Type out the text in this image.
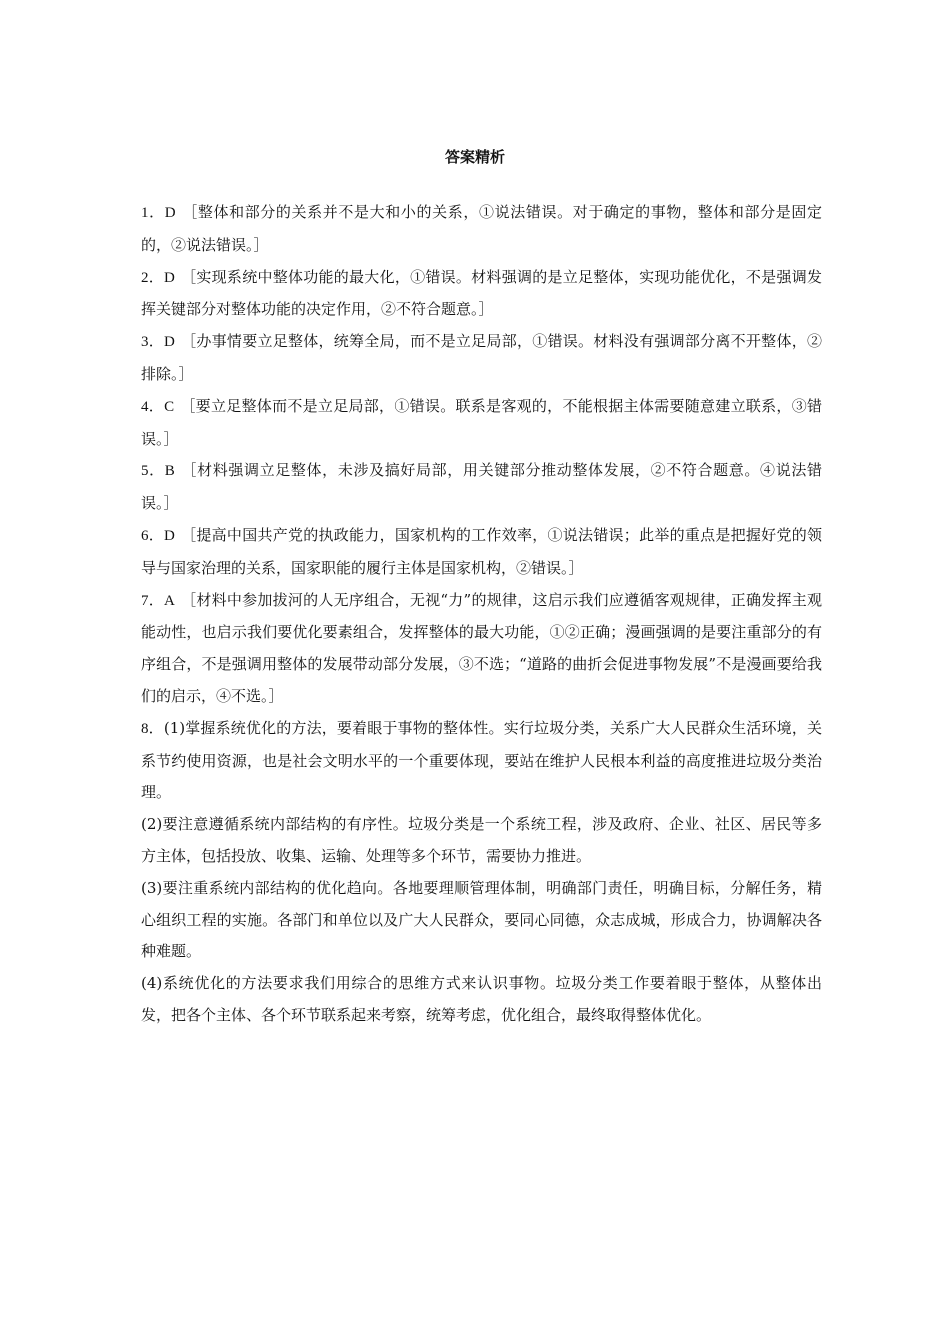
答案精析

1．D ［整体和部分的关系并不是大和小的关系，①说法错误。对于确定的事物，整体和部分是固定的，②说法错误。］

2．D ［实现系统中整体功能的最大化，①错误。材料强调的是立足整体，实现功能优化，不是强调发挥关键部分对整体功能的决定作用，②不符合题意。］

3．D ［办事情要立足整体，统筹全局，而不是立足局部，①错误。材料没有强调部分离不开整体，②排除。］

4．C ［要立足整体而不是立足局部，①错误。联系是客观的，不能根据主体需要随意建立联系，③错误。］

5．B ［材料强调立足整体，未涉及搞好局部，用关键部分推动整体发展，②不符合题意。④说法错误。］

6．D ［提高中国共产党的执政能力，国家机构的工作效率，①说法错误；此举的重点是把握好党的领导与国家治理的关系，国家职能的履行主体是国家机构，②错误。］

7．A ［材料中参加拔河的人无序组合，无视“力”的规律，这启示我们应遵循客观规律，正确发挥主观能动性，也启示我们要优化要素组合，发挥整体的最大功能，①②正确；漫画强调的是要注重部分的有序组合，不是强调用整体的发展带动部分发展，③不选；“道路的曲折会促进事物发展”不是漫画要给我们的启示，④不选。］

8．(1)掌握系统优化的方法，要着眼于事物的整体性。实行垃圾分类，关系广大人民群众生活环境，关系节约使用资源，也是社会文明水平的一个重要体现，要站在维护人民根本利益的高度推进垃圾分类治理。

(2)要注意遵循系统内部结构的有序性。垃圾分类是一个系统工程，涉及政府、企业、社区、居民等多方主体，包括投放、收集、运输、处理等多个环节，需要协力推进。

(3)要注重系统内部结构的优化趋向。各地要理顺管理体制，明确部门责任，明确目标，分解任务，精心组织工程的实施。各部门和单位以及广大人民群众，要同心同德，众志成城，形成合力，协调解决各种难题。

(4)系统优化的方法要求我们用综合的思维方式来认识事物。垃圾分类工作要着眼于整体，从整体出发，把各个主体、各个环节联系起来考察，统筹考虑，优化组合，最终取得整体优化。
